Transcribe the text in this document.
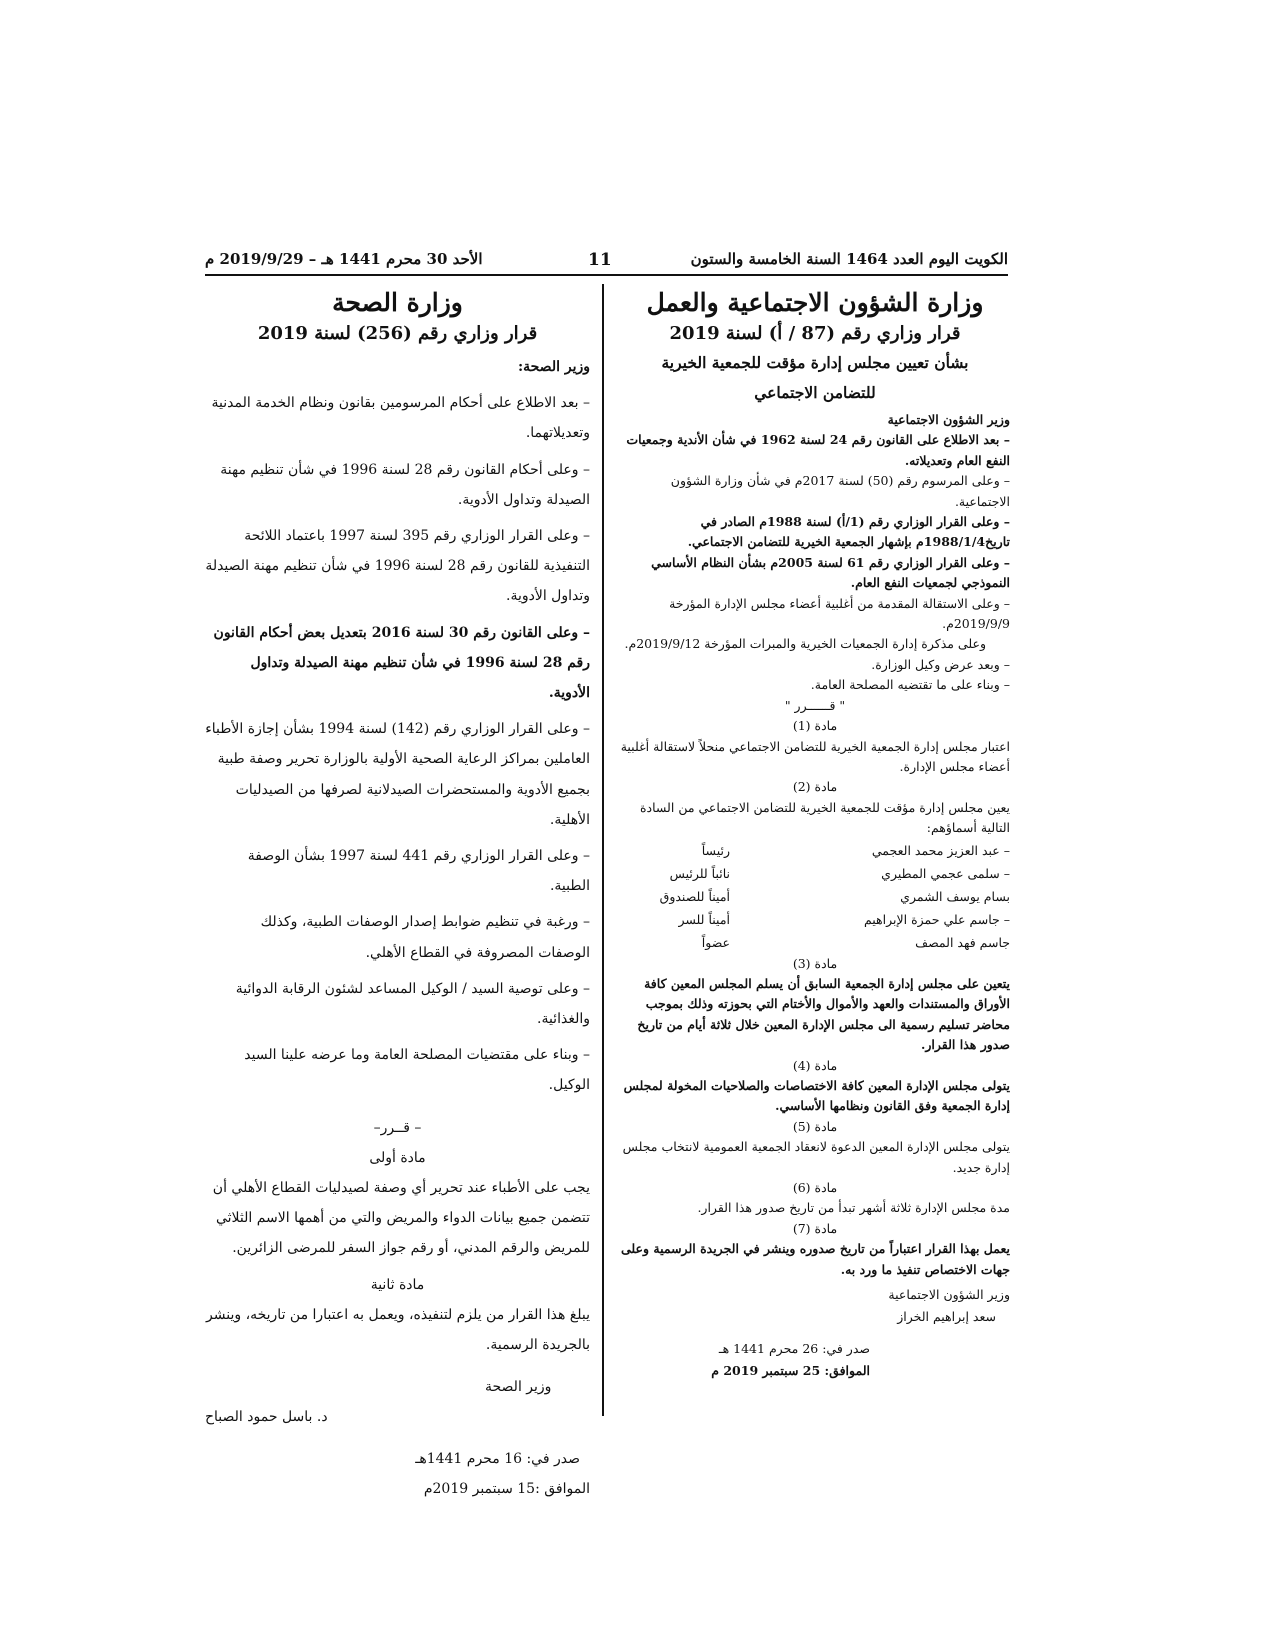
الكويت اليوم العدد 1464 السنة الخامسة والستون
11
الأحد 30 محرم 1441 هـ – 2019/9/29 م
وزارة الشؤون الاجتماعية والعمل
قرار وزاري رقم (87 / أ) لسنة 2019
بشأن تعيين مجلس إدارة مؤقت للجمعية الخيرية
للتضامن الاجتماعي

وزير الشؤون الاجتماعية

– بعد الاطلاع على القانون رقم 24 لسنة 1962 في شأن الأندية وجمعيات النفع العام وتعديلاته.

– وعلى المرسوم رقم (50) لسنة 2017م في شأن وزارة الشؤون الاجتماعية.

– وعلى القرار الوزاري رقم (1/أ) لسنة 1988م الصادر في تاريخ1988/1/4م بإشهار الجمعية الخيرية للتضامن الاجتماعي.

– وعلى القرار الوزاري رقم 61 لسنة 2005م بشأن النظام الأساسي النموذجي لجمعيات النفع العام.

– وعلى الاستقالة المقدمة من أغلبية أعضاء مجلس الإدارة المؤرخة 2019/9/9م.

وعلى مذكرة إدارة الجمعيات الخيرية والمبرات المؤرخة 2019/9/12م.

– وبعد عرض وكيل الوزارة.

– وبناء على ما تقتضيه المصلحة العامة.

" قــــــرر "

مادة (1)

اعتبار مجلس إدارة الجمعية الخيرية للتضامن الاجتماعي منحلاً لاستقالة أغلبية أعضاء مجلس الإدارة.

مادة (2)

يعين مجلس إدارة مؤقت للجمعية الخيرية للتضامن الاجتماعي من السادة التالية أسماؤهم:

– عبد العزيز محمد العجمي	رئيساً
– سلمى عجمي المطيري	نائباً للرئيس
بسام يوسف الشمري	أميناً للصندوق
– جاسم علي حمزة الإبراهيم	أميناً للسر
جاسم فهد المصف	عضواً

مادة (3)

يتعين على مجلس إدارة الجمعية السابق أن يسلم المجلس المعين كافة الأوراق والمستندات والعهد والأموال والأختام التي بحوزته وذلك بموجب محاضر تسليم رسمية الى مجلس الإدارة المعين خلال ثلاثة أيام من تاريخ صدور هذا القرار.

مادة (4)

يتولى مجلس الإدارة المعين كافة الاختصاصات والصلاحيات المخولة لمجلس إدارة الجمعية وفق القانون ونظامها الأساسي.

مادة (5)

يتولى مجلس الإدارة المعين الدعوة لانعقاد الجمعية العمومية لانتخاب مجلس إدارة جديد.

مادة (6)

مدة مجلس الإدارة ثلاثة أشهر تبدأ من تاريخ صدور هذا القرار.

مادة (7)

يعمل بهذا القرار اعتباراً من تاريخ صدوره وينشر في الجريدة الرسمية وعلى جهات الاختصاص تنفيذ ما ورد به.

وزير الشؤون الاجتماعية
سعد إبراهيم الخراز
صدر في: 26 محرم 1441 هـ
الموافق: 25 سبتمبر 2019 م
وزارة الصحة
قرار وزاري رقم (256) لسنة 2019

وزير الصحة:

– بعد الاطلاع على أحكام المرسومين بقانون ونظام الخدمة المدنية وتعديلاتهما.

– وعلى أحكام القانون رقم 28 لسنة 1996 في شأن تنظيم مهنة الصيدلة وتداول الأدوية.

– وعلى القرار الوزاري رقم 395 لسنة 1997 باعتماد اللائحة التنفيذية للقانون رقم 28 لسنة 1996 في شأن تنظيم مهنة الصيدلة وتداول الأدوية.

– وعلى القانون رقم 30 لسنة 2016 بتعديل بعض أحكام القانون رقم 28 لسنة 1996 في شأن تنظيم مهنة الصيدلة وتداول الأدوية.

– وعلى القرار الوزاري رقم (142) لسنة 1994 بشأن إجازة الأطباء العاملين بمراكز الرعاية الصحية الأولية بالوزارة تحرير وصفة طبية بجميع الأدوية والمستحضرات الصيدلانية لصرفها من الصيدليات الأهلية.

– وعلى القرار الوزاري رقم 441 لسنة 1997 بشأن الوصفة الطبية.

– ورغبة في تنظيم ضوابط إصدار الوصفات الطبية، وكذلك الوصفات المصروفة في القطاع الأهلي.

– وعلى توصية السيد / الوكيل المساعد لشئون الرقابة الدوائية والغذائية.

– وبناء على مقتضيات المصلحة العامة وما عرضه علينا السيد الوكيل.

– قــرر–

مادة أولى

يجب على الأطباء عند تحرير أي وصفة لصيدليات القطاع الأهلي أن تتضمن جميع بيانات الدواء والمريض والتي من أهمها الاسم الثلاثي للمريض والرقم المدني، أو رقم جواز السفر للمرضى الزائرين.

مادة ثانية

يبلغ هذا القرار من يلزم لتنفيذه، ويعمل به اعتبارا من تاريخه، وينشر بالجريدة الرسمية.

وزير الصحة
د. باسل حمود الصباح
صدر في: 16 محرم 1441هـ
الموافق :15 سبتمبر 2019م
